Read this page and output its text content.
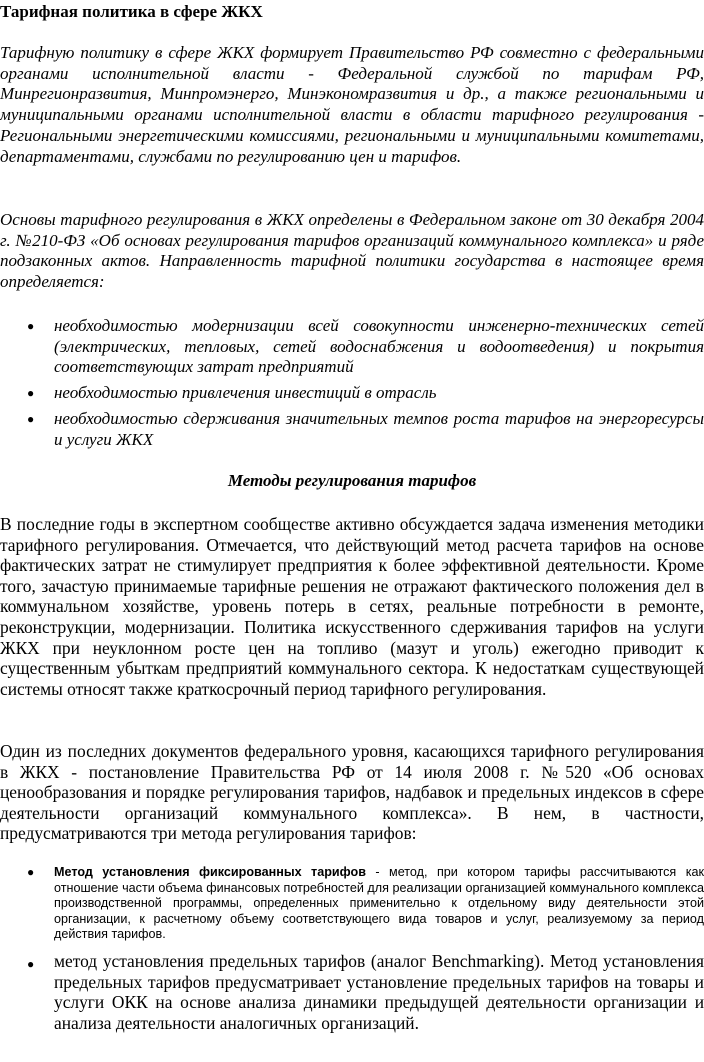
Тарифная политика в сфере ЖКХ

Тарифную политику в сфере ЖКХ формирует Правительство РФ совместно с федеральными органами исполнительной власти - Федеральной службой по тарифам РФ, Минрегионразвития, Минпромэнерго, Минэкономразвития и др., а также региональными и муниципальными органами исполнительной власти в области тарифного регулирования - Региональными энергетическими комиссиями, региональными и муниципальными комитетами, департаментами, службами по регулированию цен и тарифов.

Основы тарифного регулирования в ЖКХ определены в Федеральном законе от 30 декабря 2004 г. №210-ФЗ «Об основах регулирования тарифов организаций коммунального комплекса» и ряде подзаконных актов. Направленность тарифной политики государства в настоящее время определяется:

● необходимостью модернизации всей совокупности инженерно-технических сетей (электрических, тепловых, сетей водоснабжения и водоотведения) и покрытия соответствующих затрат предприятий
● необходимостью привлечения инвестиций в отрасль
● необходимостью сдерживания значительных темпов роста тарифов на энергоресурсы и услуги ЖКХ
Методы регулирования тарифов

В последние годы в экспертном сообществе активно обсуждается задача изменения методики тарифного регулирования. Отмечается, что действующий метод расчета тарифов на основе фактических затрат не стимулирует предприятия к более эффективной деятельности. Кроме того, зачастую принимаемые тарифные решения не отражают фактического положения дел в коммунальном хозяйстве, уровень потерь в сетях, реальные потребности в ремонте, реконструкции, модернизации. Политика искусственного сдерживания тарифов на услуги ЖКХ при неуклонном росте цен на топливо (мазут и уголь) ежегодно приводит к существенным убыткам предприятий коммунального сектора. К недостаткам существующей системы относят также краткосрочный период тарифного регулирования.

Один из последних документов федерального уровня, касающихся тарифного регулирования в ЖКХ - постановление Правительства РФ от 14 июля 2008 г. №520 «Об основах ценообразования и порядке регулирования тарифов, надбавок и предельных индексов в сфере деятельности организаций коммунального комплекса». В нем, в частности, предусматриваются три метода регулирования тарифов:

● Метод установления фиксированных тарифов - метод, при котором тарифы рассчитываются как отношение части объема финансовых потребностей для реализации организацией коммунального комплекса производственной программы, определенных применительно к отдельному виду деятельности этой организации, к расчетному объему соответствующего вида товаров и услуг, реализуемому за период действия тарифов.
● метод установления предельных тарифов (аналог Benchmarking). Метод установления предельных тарифов предусматривает установление предельных тарифов на товары и услуги ОКК на основе анализа динамики предыдущей деятельности организации и анализа деятельности аналогичных организаций.
